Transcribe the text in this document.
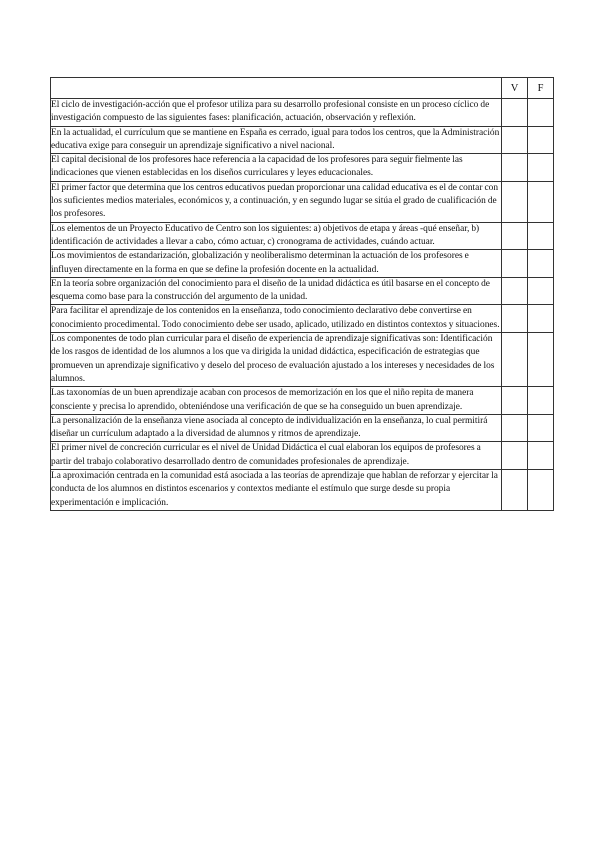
	V	F
El ciclo de investigación-acción que el profesor utiliza para su desarrollo profesional consiste en un proceso cíclico de investigación compuesto de las siguientes fases: planificación, actuación, observación y reflexión.		
En la actualidad, el currículum que se mantiene en España es cerrado, igual para todos los centros, que la Administración educativa exige para conseguir un aprendizaje significativo a nivel nacional.		
El capital decisional de los profesores hace referencia a la capacidad de los profesores para seguir fielmente las indicaciones que vienen establecidas en los diseños curriculares y leyes educacionales.		
El primer factor que determina que los centros educativos puedan proporcionar una calidad educativa es el de contar con los suficientes medios materiales, económicos y, a continuación, y en segundo lugar se sitúa el grado de cualificación de los profesores.		
Los elementos de un Proyecto Educativo de Centro son los siguientes: a) objetivos de etapa y áreas -qué enseñar, b) identificación de actividades a llevar a cabo, cómo actuar, c) cronograma de actividades, cuándo actuar.		
Los movimientos de estandarización, globalización y neoliberalismo determinan la actuación de los profesores e influyen directamente en la forma en que se define la profesión docente en la actualidad.		
En la teoría sobre organización del conocimiento para el diseño de la unidad didáctica es útil basarse en el concepto de esquema como base para la construcción del argumento de la unidad.		
Para facilitar el aprendizaje de los contenidos en la enseñanza, todo conocimiento declarativo debe convertirse en conocimiento procedimental. Todo conocimiento debe ser usado, aplicado, utilizado en distintos contextos y situaciones.		
Los componentes de todo plan curricular para el diseño de experiencia de aprendizaje significativas son: Identificación de los rasgos de identidad de los alumnos a los que va dirigida la unidad didáctica, especificación de estrategias que promueven un aprendizaje significativo y deselo del proceso de evaluación ajustado a los intereses y necesidades de los alumnos.		
Las taxonomías de un buen aprendizaje acaban con procesos de memorización en los que el niño repita de manera consciente y precisa lo aprendido, obteniéndose una verificación de que se ha conseguido un buen aprendizaje.		
La personalización de la enseñanza viene asociada al concepto de individualización en la enseñanza, lo cual permitirá diseñar un currículum adaptado a la diversidad de alumnos y ritmos de aprendizaje.		
El primer nivel de concreción curricular es el nivel de Unidad Didáctica el cual elaboran los equipos de profesores a partir del trabajo colaborativo desarrollado dentro de comunidades profesionales de aprendizaje.		
La aproximación centrada en la comunidad está asociada a las teorías de aprendizaje que hablan de reforzar y ejercitar la conducta de los alumnos en distintos escenarios y contextos mediante el estímulo que surge desde su propia experimentación e implicación.		
